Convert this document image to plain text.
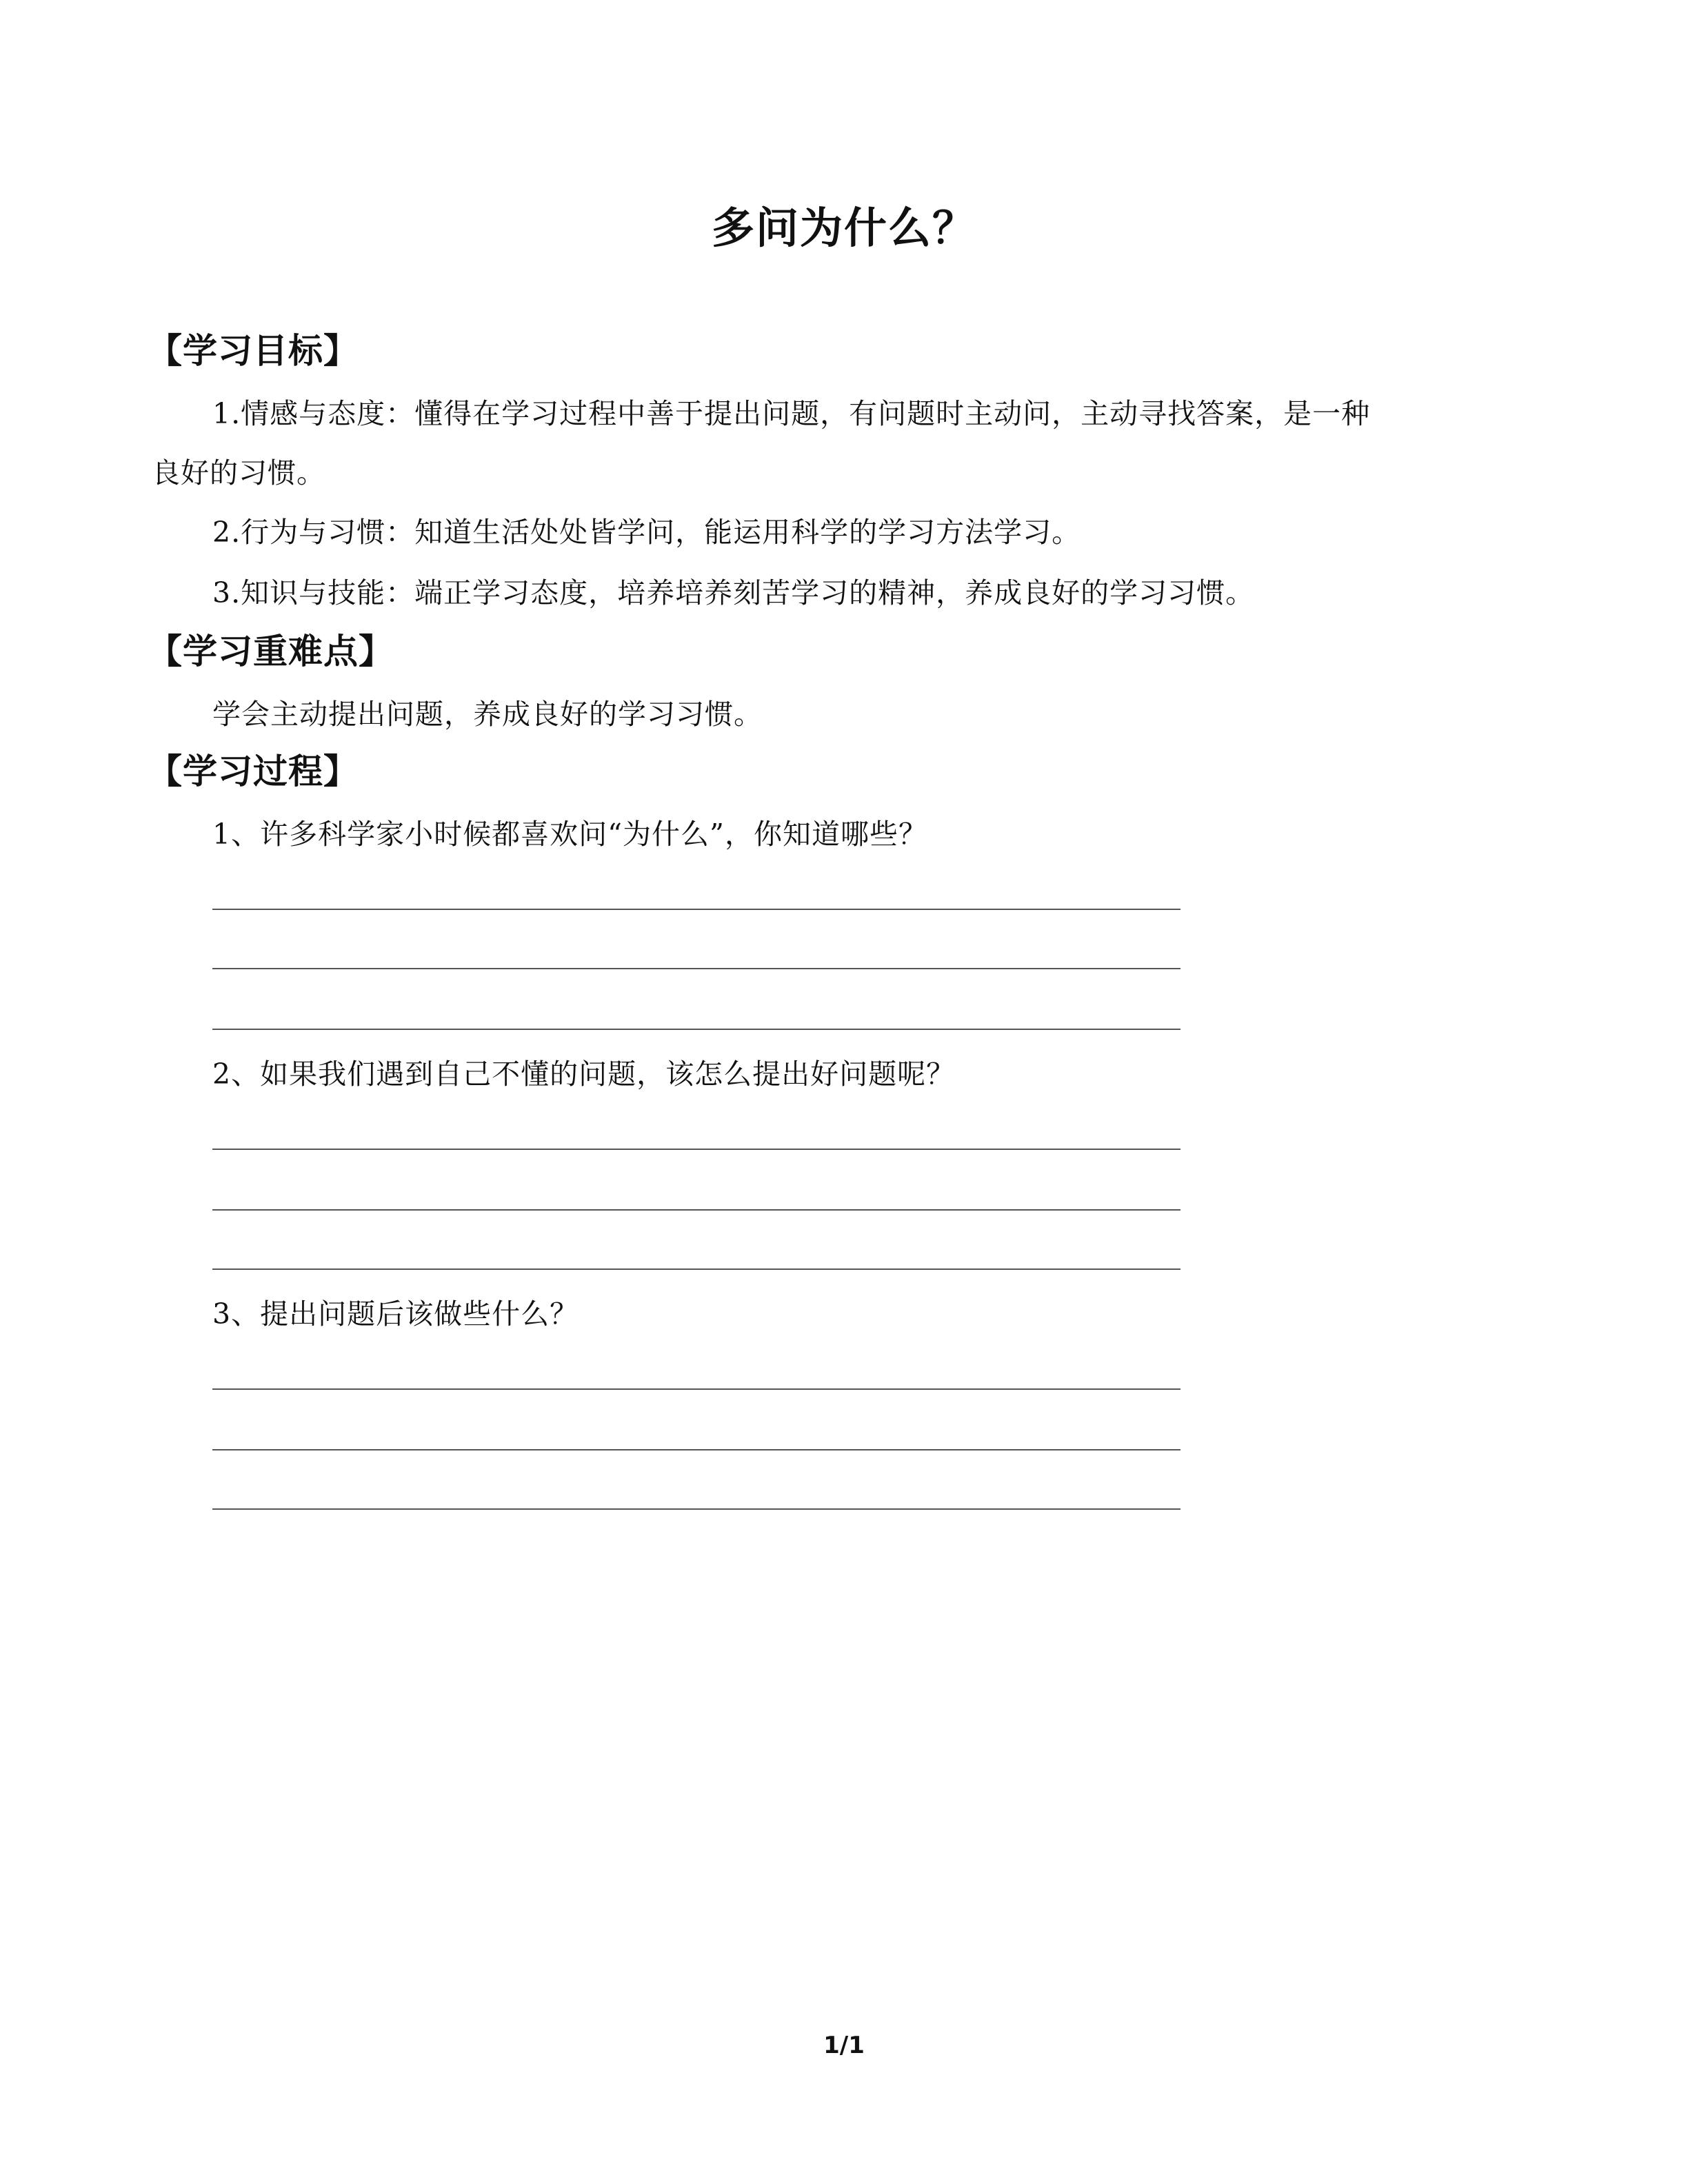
多问为什么？
【学习目标】
1.情感与态度：懂得在学习过程中善于提出问题，有问题时主动问，主动寻找答案，是一种
良好的习惯。
2.行为与习惯：知道生活处处皆学问，能运用科学的学习方法学习。
3.知识与技能：端正学习态度，培养培养刻苦学习的精神，养成良好的学习习惯。
【学习重难点】
学会主动提出问题，养成良好的学习习惯。
【学习过程】
1、许多科学家小时候都喜欢问“为什么”，你知道哪些？
2、如果我们遇到自己不懂的问题，该怎么提出好问题呢？
3、提出问题后该做些什么？
1/1
